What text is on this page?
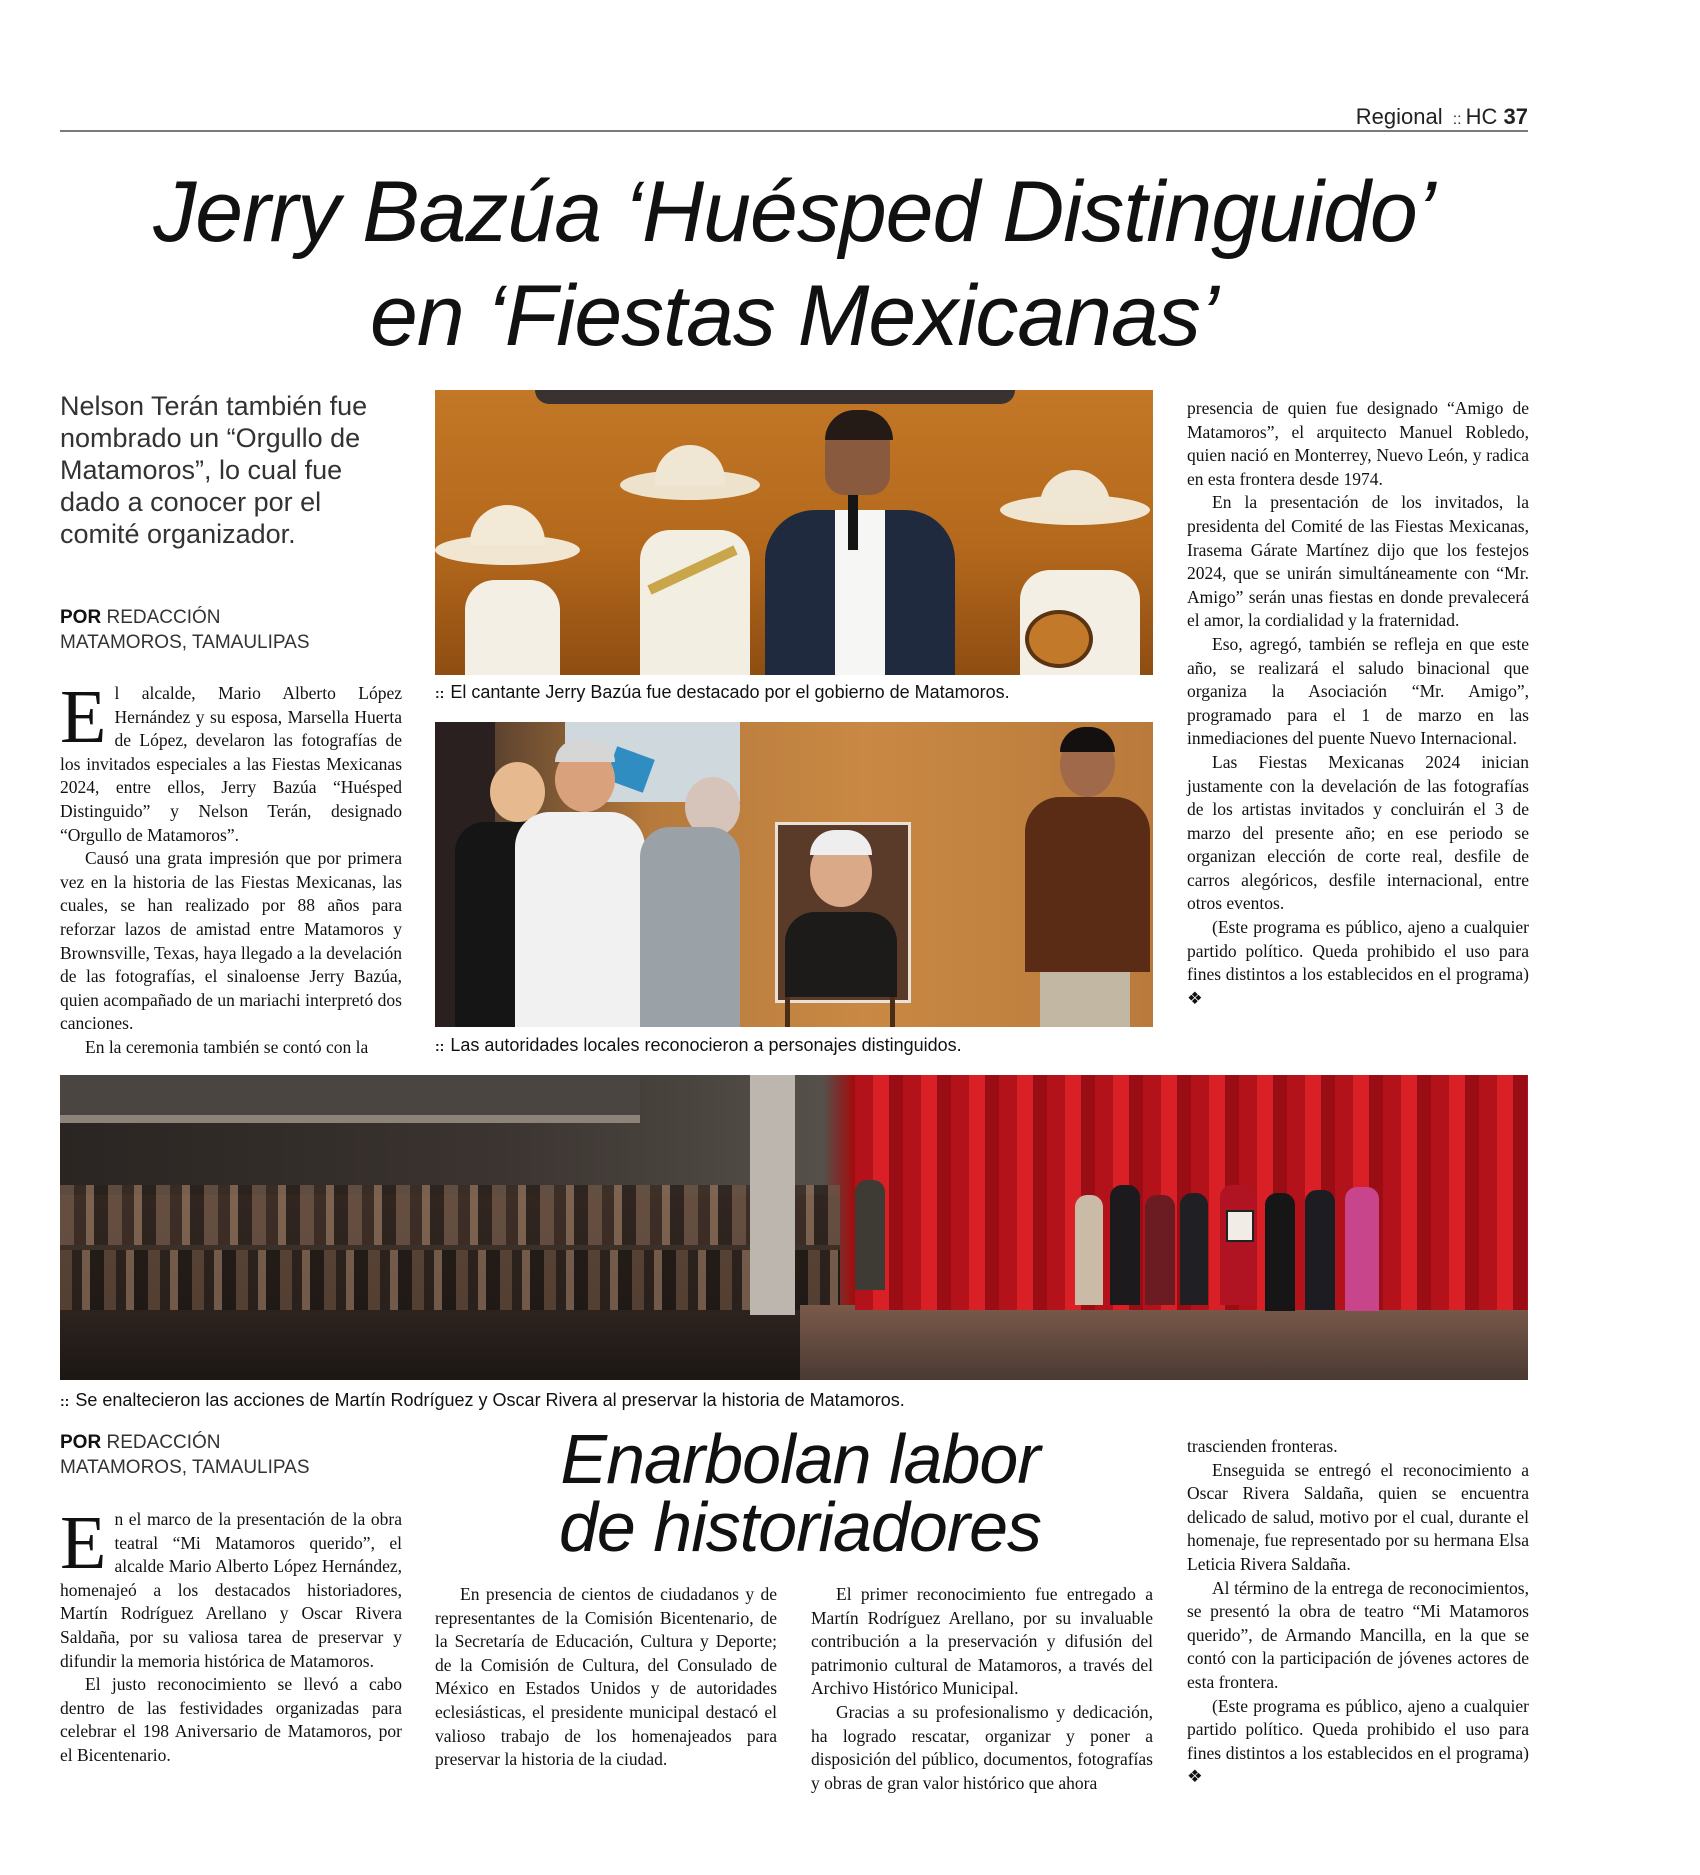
Regional :: HC 37
Jerry Bazúa ‘Huésped Distinguido’
en ‘Fiestas Mexicanas’
Nelson Terán también fue nombrado un “Orgullo de Matamoros”, lo cual fue dado a conocer por el comité organizador.
POR REDACCIÓN
MATAMOROS, TAMAULIPAS

El alcalde, Mario Alberto López Hernández y su esposa, Marsella Huerta de López, develaron las fotografías de los invitados especiales a las Fiestas Mexicanas 2024, entre ellos, Jerry Bazúa “Huésped Distinguido” y Nelson Terán, designado “Orgullo de Matamoros”.

Causó una grata impresión que por primera vez en la historia de las Fiestas Mexicanas, las cuales, se han realizado por 88 años para reforzar lazos de amistad entre Matamoros y Brownsville, Texas, haya llegado a la develación de las fotografías, el sinaloense Jerry Bazúa, quien acompañado de un mariachi interpretó dos canciones.

En la ceremonia también se contó con la

:: El cantante Jerry Bazúa fue destacado por el gobierno de Matamoros.
:: Las autoridades locales reconocieron a personajes distinguidos.

presencia de quien fue designado “Amigo de Matamoros”, el arquitecto Manuel Robledo, quien nació en Monterrey, Nuevo León, y radica en esta frontera desde 1974.

En la presentación de los invitados, la presidenta del Comité de las Fiestas Mexicanas, Irasema Gárate Martínez dijo que los festejos 2024, que se unirán simultáneamente con “Mr. Amigo” serán unas fiestas en donde prevalecerá el amor, la cordialidad y la fraternidad.

Eso, agregó, también se refleja en que este año, se realizará el saludo binacional que organiza la Asociación “Mr. Amigo”, programado para el 1 de marzo en las inmediaciones del puente Nuevo Internacional.

Las Fiestas Mexicanas 2024 inician justamente con la develación de las fotografías de los artistas invitados y concluirán el 3 de marzo del presente año; en ese periodo se organizan elección de corte real, desfile de carros alegóricos, desfile internacional, entre otros eventos.

(Este programa es público, ajeno a cualquier partido político. Queda prohibido el uso para fines distintos a los establecidos en el programa) ❖

:: Se enaltecieron las acciones de Martín Rodríguez y Oscar Rivera al preservar la historia de Matamoros.
POR REDACCIÓN
MATAMOROS, TAMAULIPAS	Enarbolan labor
de historiadores

En el marco de la presentación de la obra teatral “Mi Matamoros querido”, el alcalde Mario Alberto López Hernández, homenajeó a los destacados historiadores, Martín Rodríguez Arellano y Oscar Rivera Saldaña, por su valiosa tarea de preservar y difundir la memoria histórica de Matamoros.

El justo reconocimiento se llevó a cabo dentro de las festividades organizadas para celebrar el 198 Aniversario de Matamoros, por el Bicentenario.

En presencia de cientos de ciudadanos y de representantes de la Comisión Bicentenario, de la Secretaría de Educación, Cultura y Deporte; de la Comisión de Cultura, del Consulado de México en Estados Unidos y de autoridades eclesiásticas, el presidente municipal destacó el valioso trabajo de los homenajeados para preservar la historia de la ciudad.

El primer reconocimiento fue entregado a Martín Rodríguez Arellano, por su invaluable contribución a la preservación y difusión del patrimonio cultural de Matamoros, a través del Archivo Histórico Municipal.

Gracias a su profesionalismo y dedicación, ha logrado rescatar, organizar y poner a disposición del público, documentos, fotografías y obras de gran valor histórico que ahora

trascienden fronteras.

Enseguida se entregó el reconocimiento a Oscar Rivera Saldaña, quien se encuentra delicado de salud, motivo por el cual, durante el homenaje, fue representado por su hermana Elsa Leticia Rivera Saldaña.

Al término de la entrega de reconocimientos, se presentó la obra de teatro “Mi Matamoros querido”, de Armando Mancilla, en la que se contó con la participación de jóvenes actores de esta frontera.

(Este programa es público, ajeno a cualquier partido político. Queda prohibido el uso para fines distintos a los establecidos en el programa) ❖
